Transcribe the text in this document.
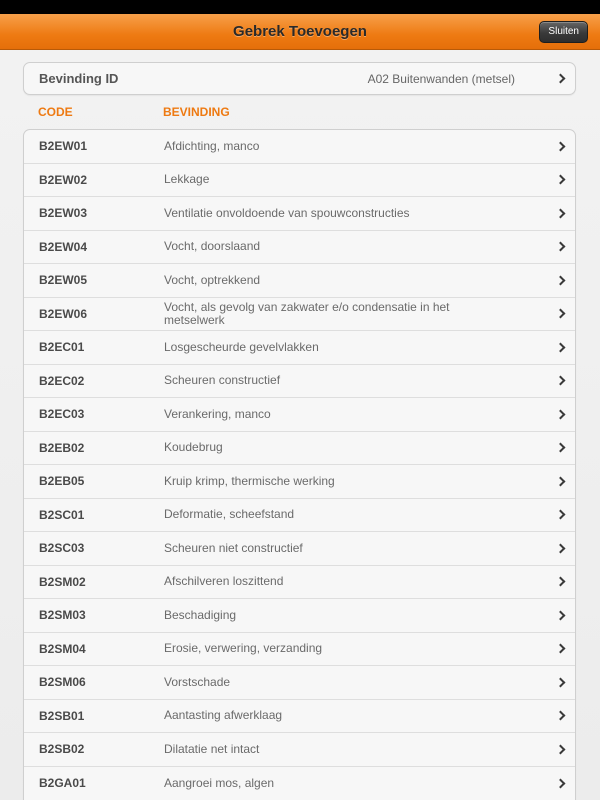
Gebrek Toevoegen	Sluiten
Bevinding ID	A02 Buitenwanden (metsel)
CODE	BEVINDING
B2EW01	Afdichting, manco
B2EW02	Lekkage
B2EW03	Ventilatie onvoldoende van spouwconstructies
B2EW04	Vocht, doorslaand
B2EW05	Vocht, optrekkend
B2EW06	Vocht, als gevolg van zakwater e/o condensatie in het metselwerk
B2EC01	Losgescheurde gevelvlakken
B2EC02	Scheuren constructief
B2EC03	Verankering, manco
B2EB02	Koudebrug
B2EB05	Kruip krimp, thermische werking
B2SC01	Deformatie, scheefstand
B2SC03	Scheuren niet constructief
B2SM02	Afschilveren loszittend
B2SM03	Beschadiging
B2SM04	Erosie, verwering, verzanding
B2SM06	Vorstschade
B2SB01	Aantasting afwerklaag
B2SB02	Dilatatie net intact
B2GA01	Aangroei mos, algen
